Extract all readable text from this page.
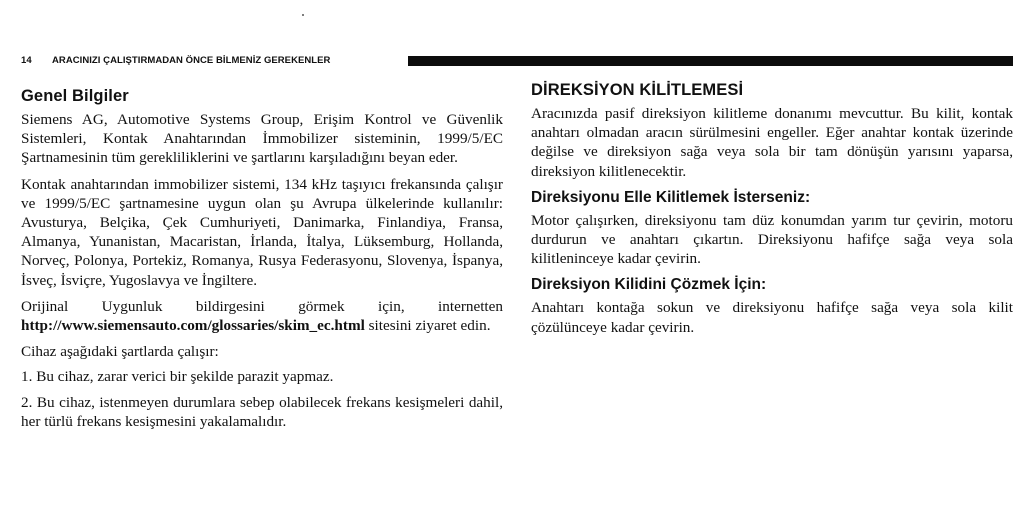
14 ARACINIZI ÇALIŞTIRMADAN ÖNCE BİLMENİZ GEREKENLER
Genel Bilgiler

Siemens AG, Automotive Systems Group, Erişim Kontrol ve Güvenlik Sistemleri, Kontak Anahtarından İmmobilizer sisteminin, 1999/5/EC Şartnamesinin tüm gerekliliklerini ve şartlarını karşıladığını beyan eder.

Kontak anahtarından immobilizer sistemi, 134 kHz taşıyıcı frekansında çalışır ve 1999/5/EC şartnamesine uygun olan şu Avrupa ülkelerinde kullanılır: Avusturya, Belçika, Çek Cumhuriyeti, Danimarka, Finlandiya, Fransa, Almanya, Yunanistan, Macaristan, İrlanda, İtalya, Lüksemburg, Hollanda, Norveç, Polonya, Portekiz, Romanya, Rusya Federasyonu, Slovenya, İspanya, İsveç, İsviçre, Yugoslavya ve İngiltere.

Orijinal Uygunluk bildirgesini görmek için, internetten http://www.siemensauto.com/glossaries/skim_ec.html sitesini ziyaret edin.

Cihaz aşağıdaki şartlarda çalışır:

1. Bu cihaz, zarar verici bir şekilde parazit yapmaz.

2. Bu cihaz, istenmeyen durumlara sebep olabilecek frekans kesişmeleri dahil, her türlü frekans kesişmesini yakalamalıdır.

DİREKSİYON KİLİTLEMESİ

Aracınızda pasif direksiyon kilitleme donanımı mevcuttur. Bu kilit, kontak anahtarı olmadan aracın sürülmesini engeller. Eğer anahtar kontak üzerinde değilse ve direksiyon sağa veya sola bir tam dönüşün yarısını yaparsa, direksiyon kilitlenecektir.

Direksiyonu Elle Kilitlemek İsterseniz:

Motor çalışırken, direksiyonu tam düz konumdan yarım tur çevirin, motoru durdurun ve anahtarı çıkartın. Direksiyonu hafifçe sağa veya sola kilitleninceye kadar çevirin.

Direksiyon Kilidini Çözmek İçin:

Anahtarı kontağa sokun ve direksiyonu hafifçe sağa veya sola kilit çözülünceye kadar çevirin.
